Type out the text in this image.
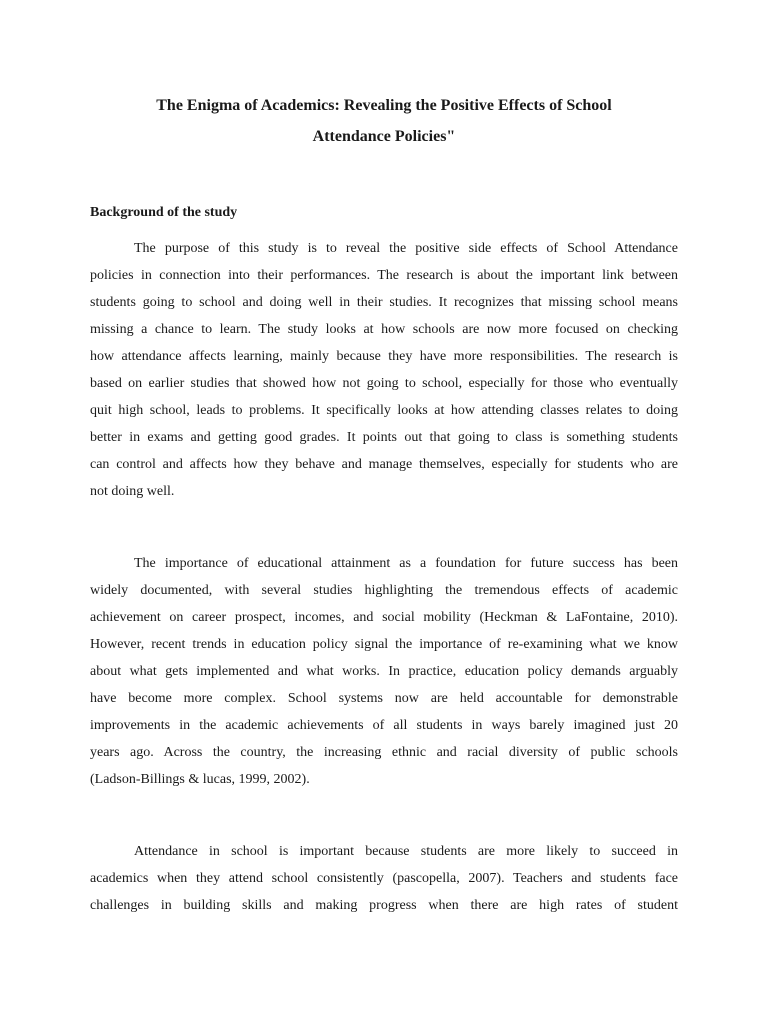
The Enigma of Academics: Revealing the Positive Effects of School
Attendance Policies"
Background of the study
The purpose of this study is to reveal the positive side effects of School Attendance
policies in connection into their performances. The research is about the important link between
students going to school and doing well in their studies. It recognizes that missing school means
missing a chance to learn. The study looks at how schools are now more focused on checking
how attendance affects learning, mainly because they have more responsibilities. The research is
based on earlier studies that showed how not going to school, especially for those who eventually
quit high school, leads to problems. It specifically looks at how attending classes relates to doing
better in exams and getting good grades. It points out that going to class is something students
can control and affects how they behave and manage themselves, especially for students who are
not doing well.
The importance of educational attainment as a foundation for future success has been
widely documented, with several studies highlighting the tremendous effects of academic
achievement on career prospect, incomes, and social mobility (Heckman & LaFontaine, 2010).
However, recent trends in education policy signal the importance of re-examining what we know
about what gets implemented and what works. In practice, education policy demands arguably
have become more complex. School systems now are held accountable for demonstrable
improvements in the academic achievements of all students in ways barely imagined just 20
years ago. Across the country, the increasing ethnic and racial diversity of public schools
(Ladson-Billings & lucas, 1999, 2002).
Attendance in school is important because students are more likely to succeed in
academics when they attend school consistently (pascopella, 2007). Teachers and students face
challenges in building skills and making progress when there are high rates of student
